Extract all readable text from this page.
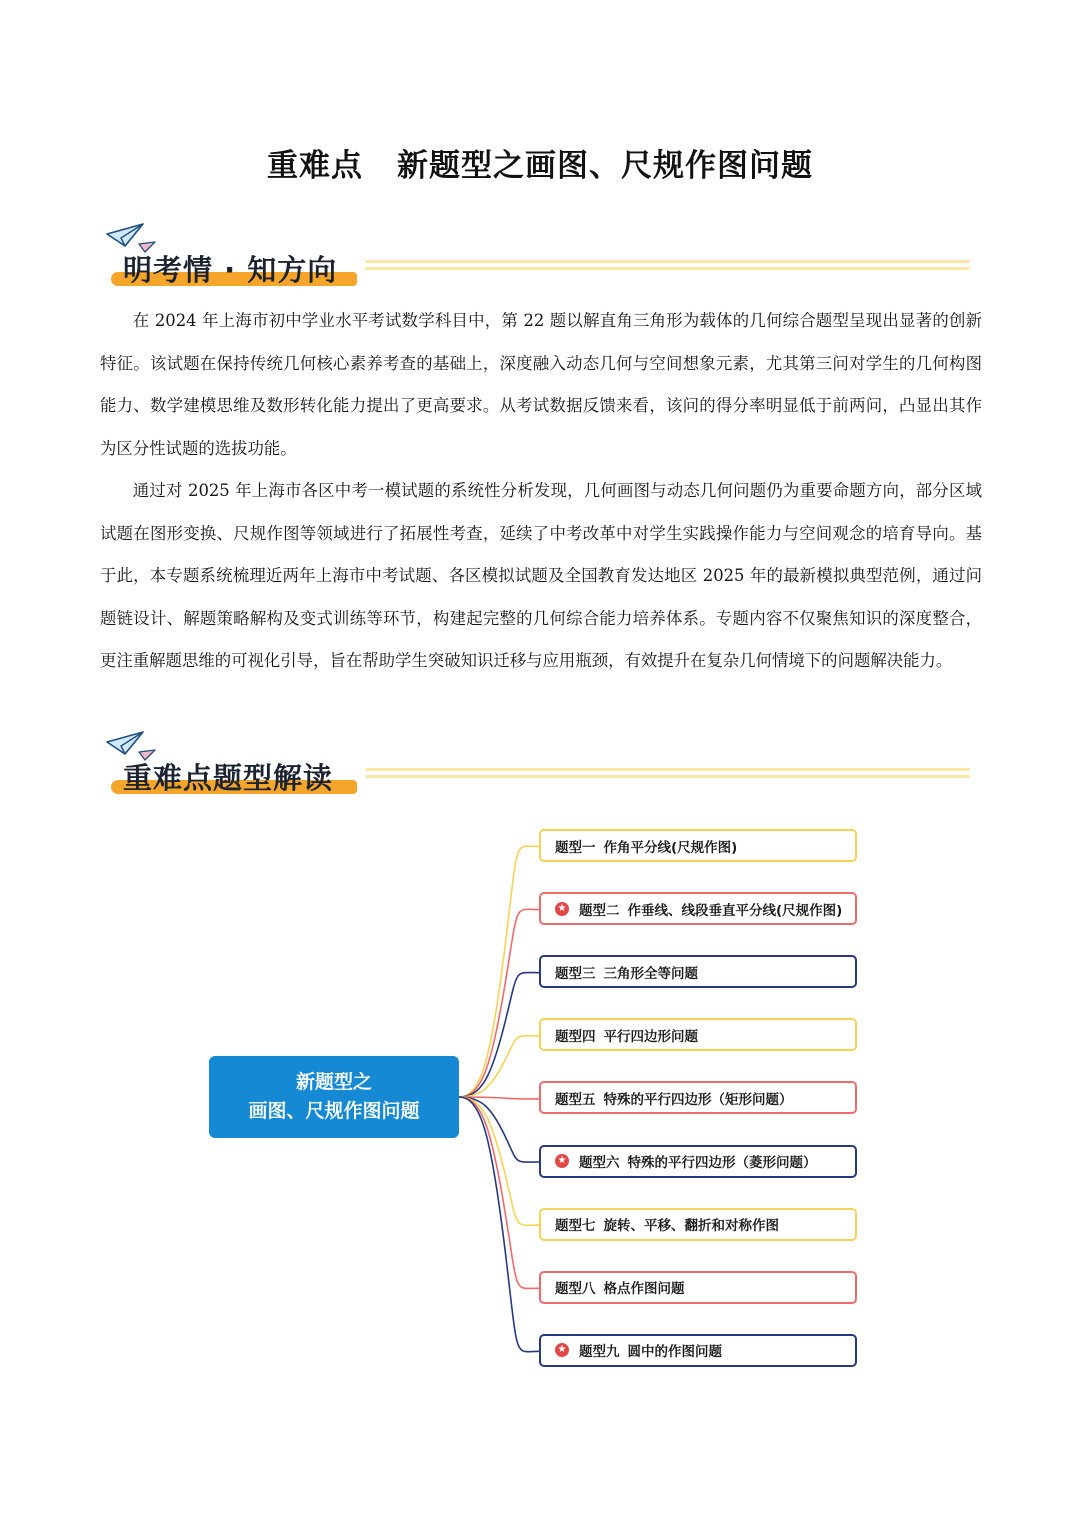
重难点 新题型之画图、尺规作图问题
明考情 · 知方向
在 2024 年上海市初中学业水平考试数学科目中，第 22 题以解直角三角形为载体的几何综合题型呈现出显著的创新特征。该试题在保持传统几何核心素养考查的基础上，深度融入动态几何与空间想象元素，尤其第三问对学生的几何构图能力、数学建模思维及数形转化能力提出了更高要求。从考试数据反馈来看，该问的得分率明显低于前两问，凸显出其作为区分性试题的选拔功能。
通过对 2025 年上海市各区中考一模试题的系统性分析发现，几何画图与动态几何问题仍为重要命题方向，部分区域试题在图形变换、尺规作图等领域进行了拓展性考查，延续了中考改革中对学生实践操作能力与空间观念的培育导向。基于此，本专题系统梳理近两年上海市中考试题、各区模拟试题及全国教育发达地区 2025 年的最新模拟典型范例，通过问题链设计、解题策略解构及变式训练等环节，构建起完整的几何综合能力培养体系。专题内容不仅聚焦知识的深度整合，更注重解题思维的可视化引导，旨在帮助学生突破知识迁移与应用瓶颈，有效提升在复杂几何情境下的问题解决能力。
重难点题型解读
新题型之
画图、尺规作图问题
题型一 作角平分线(尺规作图)
★ 题型二 作垂线、线段垂直平分线(尺规作图)
题型三 三角形全等问题
题型四 平行四边形问题
题型五 特殊的平行四边形（矩形问题）
★ 题型六 特殊的平行四边形（菱形问题）
题型七 旋转、平移、翻折和对称作图
题型八 格点作图问题
★ 题型九 圆中的作图问题
